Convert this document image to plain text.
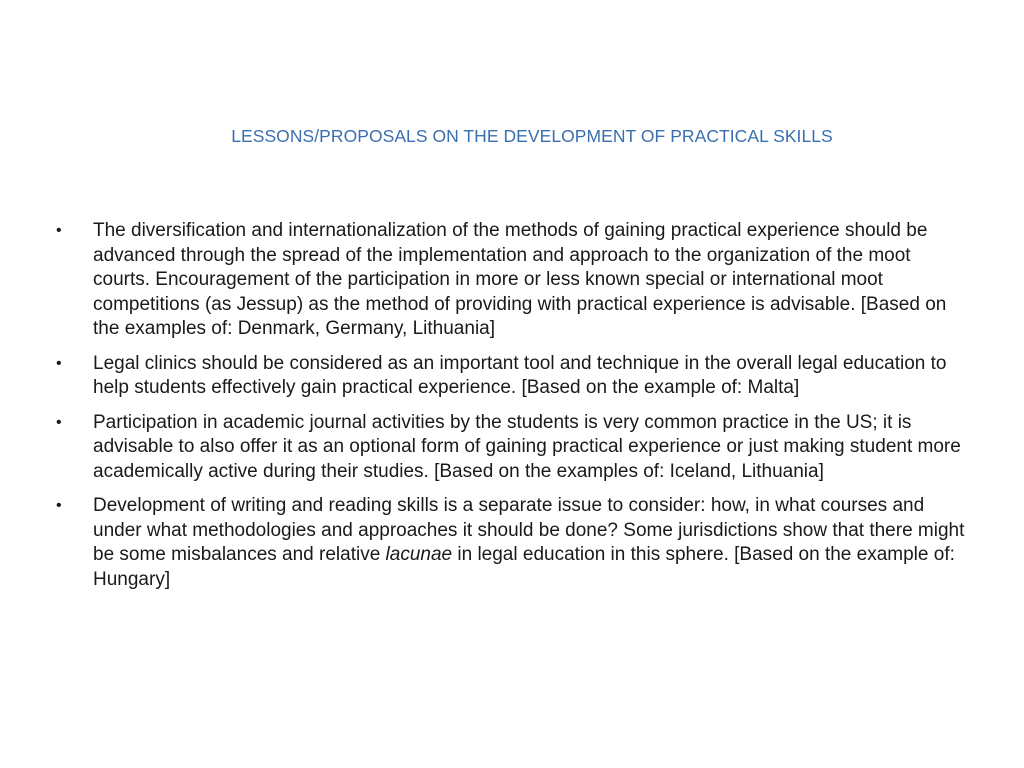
LESSONS/PROPOSALS ON THE DEVELOPMENT OF PRACTICAL SKILLS
•	The diversification and internationalization of the methods of gaining practical experience should be advanced through the spread of the implementation and approach to the organization of the moot courts. Encouragement of the participation in more or less known special or international moot competitions (as Jessup) as the method of providing with practical experience is advisable. [Based on the examples of: Denmark, Germany, Lithuania]
•	Legal clinics should be considered as an important tool and technique in the overall legal education to help students effectively gain practical experience. [Based on the example of: Malta]
•	Participation in academic journal activities by the students is very common practice in the US; it is advisable to also offer it as an optional form of gaining practical experience or just making student more academically active during their studies. [Based on the examples of: Iceland, Lithuania]
•	Development of writing and reading skills is a separate issue to consider: how, in what courses and under what methodologies and approaches it should be done? Some jurisdictions show that there might be some misbalances and relative lacunae in legal education in this sphere. [Based on the example of: Hungary]
